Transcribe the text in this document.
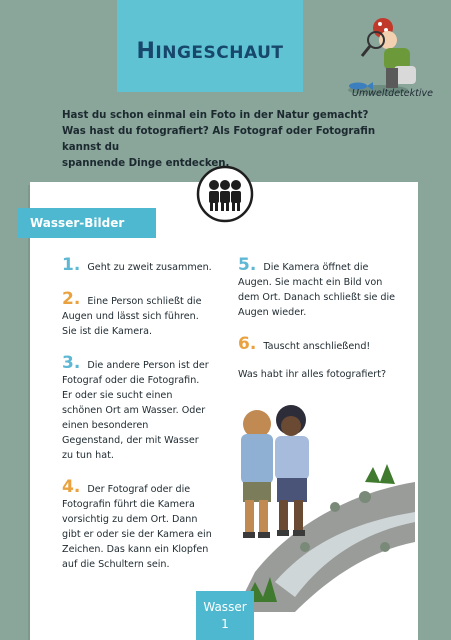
HINGESCHAUT
Umweltdetektive
Hast du schon einmal ein Foto in der Natur gemacht?
Was hast du fotografiert? Als Fotograf oder Fotografin kannst du
spannende Dinge entdecken.
Wasser-Bilder
1. Geht zu zweit zusammen.
2. Eine Person schließt die Augen und lässt sich führen. Sie ist die Kamera.
3. Die andere Person ist der Fotograf oder die Fotografin. Er oder sie sucht einen schönen Ort am Wasser. Oder einen besonderen Gegenstand, der mit Wasser zu tun hat.
4. Der Fotograf oder die Fotografin führt die Kamera vorsichtig zu dem Ort. Dann gibt er oder sie der Kamera ein Zeichen. Das kann ein Klopfen auf die Schultern sein.
5. Die Kamera öffnet die Augen. Sie macht ein Bild von dem Ort. Danach schließt sie die Augen wieder.
6. Tauscht anschließend!
Was habt ihr alles fotografiert?
Wasser
1
